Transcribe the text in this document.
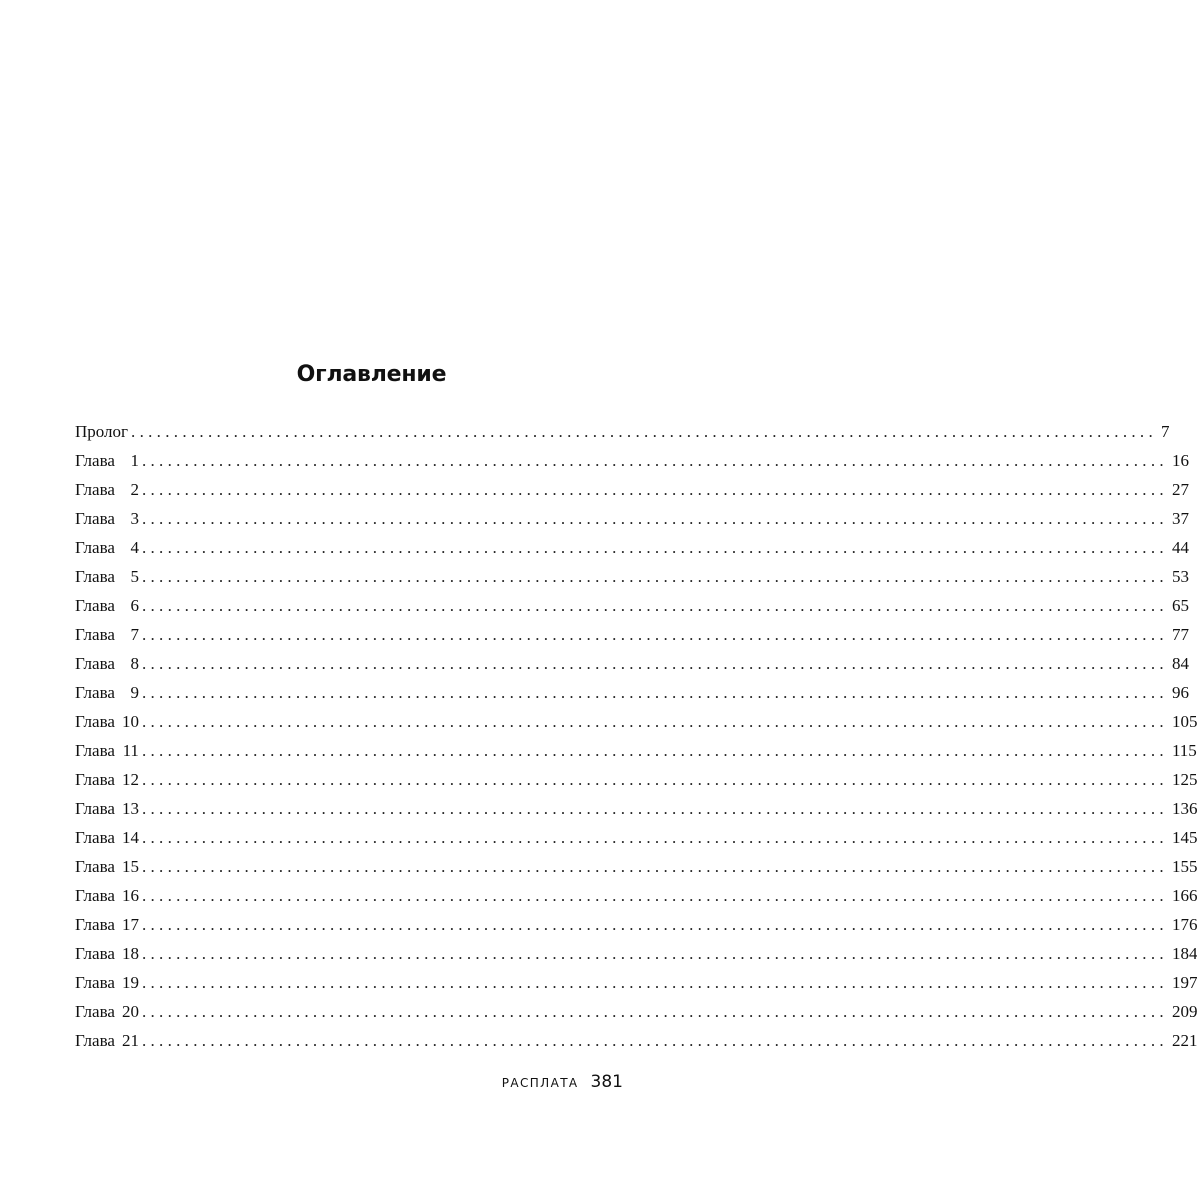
Оглавление
Пролог ........................................................................................................................ 7
Глава 1 ........................................................................................................................ 16
Глава 2 ........................................................................................................................ 27
Глава 3 ........................................................................................................................ 37
Глава 4 ........................................................................................................................ 44
Глава 5 ........................................................................................................................ 53
Глава 6 ........................................................................................................................ 65
Глава 7 ........................................................................................................................ 77
Глава 8 ........................................................................................................................ 84
Глава 9 ........................................................................................................................ 96
Глава 10 ........................................................................................................................ 105
Глава 11 ........................................................................................................................ 115
Глава 12 ........................................................................................................................ 125
Глава 13 ........................................................................................................................ 136
Глава 14 ........................................................................................................................ 145
Глава 15 ........................................................................................................................ 155
Глава 16 ........................................................................................................................ 166
Глава 17 ........................................................................................................................ 176
Глава 18 ........................................................................................................................ 184
Глава 19 ........................................................................................................................ 197
Глава 20 ........................................................................................................................ 209
Глава 21 ........................................................................................................................ 221
РАСПЛАТА 381
